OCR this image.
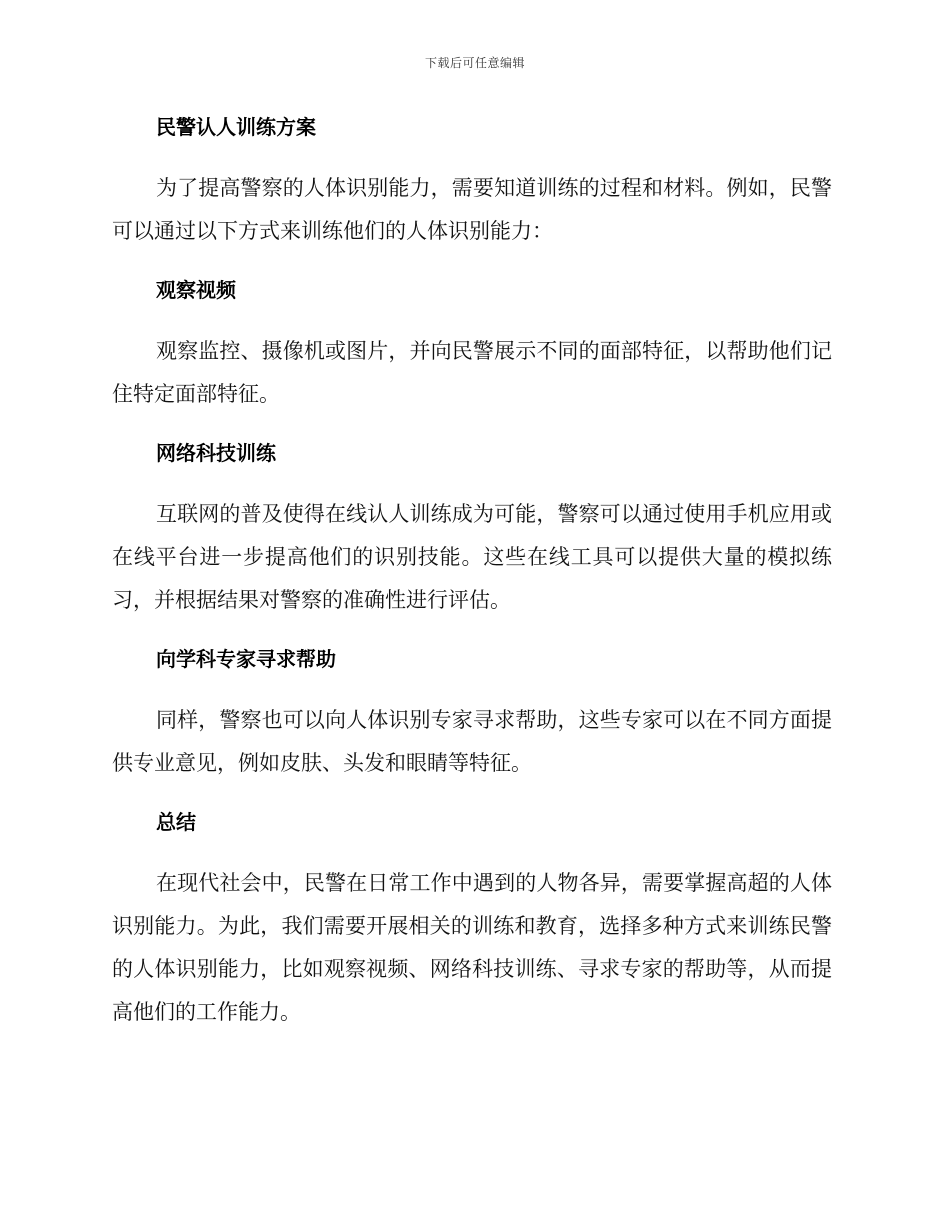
下载后可任意编辑
民警认人训练方案

为了提高警察的人体识别能力，需要知道训练的过程和材料。例如，民警可以通过以下方式来训练他们的人体识别能力：

观察视频

观察监控、摄像机或图片，并向民警展示不同的面部特征，以帮助他们记住特定面部特征。

网络科技训练

互联网的普及使得在线认人训练成为可能，警察可以通过使用手机应用或在线平台进一步提高他们的识别技能。这些在线工具可以提供大量的模拟练习，并根据结果对警察的准确性进行评估。

向学科专家寻求帮助

同样，警察也可以向人体识别专家寻求帮助，这些专家可以在不同方面提供专业意见，例如皮肤、头发和眼睛等特征。

总结

在现代社会中，民警在日常工作中遇到的人物各异，需要掌握高超的人体识别能力。为此，我们需要开展相关的训练和教育，选择多种方式来训练民警的人体识别能力，比如观察视频、网络科技训练、寻求专家的帮助等，从而提高他们的工作能力。
